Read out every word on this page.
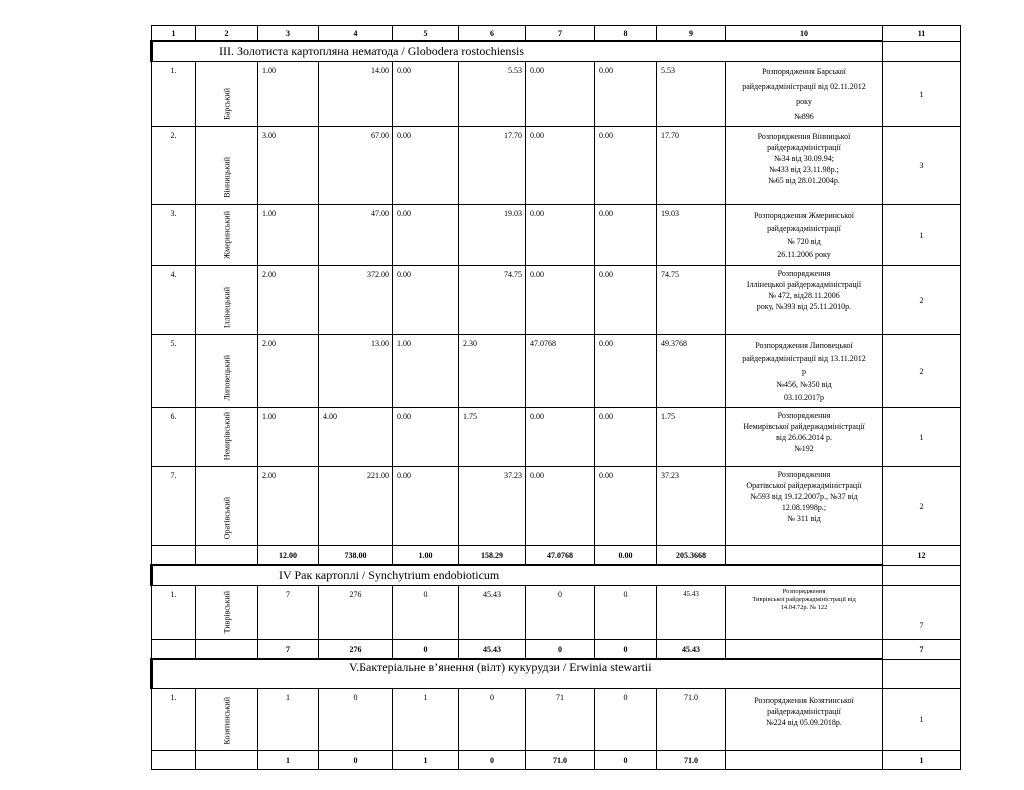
1	2	3	4	5	6	7	8	9	10	11
ІІІ. Золотиста картопляна нематода / Globodera rostochiensis										
1.	Барський	1.00	14.00	0.00	5.53	0.00	0.00	5.53	Розпорядження Барської
райдержадміністрації від 02.11.2012
року
№896	1
2.	Вінницький	3.00	67.00	0.00	17.70	0.00	0.00	17.70	Розпорядження Вінницької
райдержадміністрації
№34 від 30.09.94;
№433 від 23.11.98р.;
№65 від 28.01.2004р.	3
3.	Жмеринський	1.00	47.00	0.00	19.03	0.00	0.00	19.03	Розпорядження Жмеринської
райдержадміністрації
№ 720 від
26.11.2006 року	1
4.	Іллінецький	2.00	372.00	0.00	74.75	0.00	0.00	74.75	Розпорядження
Іллінецької райдержадміністрації
№ 472, від28.11.2006
року, №393 від 25.11.2010р.	2
5.	Липовецький	2.00	13.00	1.00	2.30	47.0768	0.00	49.3768	Розпорядження Липовецької
райдержадміністрації від 13.11.2012
р
№456, №350 від
03.10.2017р	2
6.	Немирівський	1.00	4.00	0.00	1.75	0.00	0.00	1.75	Розпорядження
Немирівської райдержадміністрації
від 26.06.2014 р.
№192	1
7.	Оратівський	2.00	221.00	0.00	37.23	0.00	0.00	37.23	Розпорядження
Оратівської райдержадміністрації
№593 від 19.12.2007р., №37 від
12.08.1998р.;
№ 311 від	2
		12.00	738.00	1.00	158.29	47.0768	0.00	205.3668		12
IV Рак картоплі / Synchytrium endobioticum										
1.	Тиврівський	7	276	0	45.43	0	0	45.43	Розпорядження
Тиврівської райдержадміністрації від
14.04.72р. № 122	7
		7	276	0	45.43	0	0	45.43		7
V.Бактеріальне в’янення (вілт) кукурудзи / Erwinia stewartii										
1.	Козятинський	1	0	1	0	71	0	71.0	Розпорядження Козятинської
райдержадміністрації
№224 від 05.09.2018р.	1
		1	0	1	0	71.0	0	71.0		1
